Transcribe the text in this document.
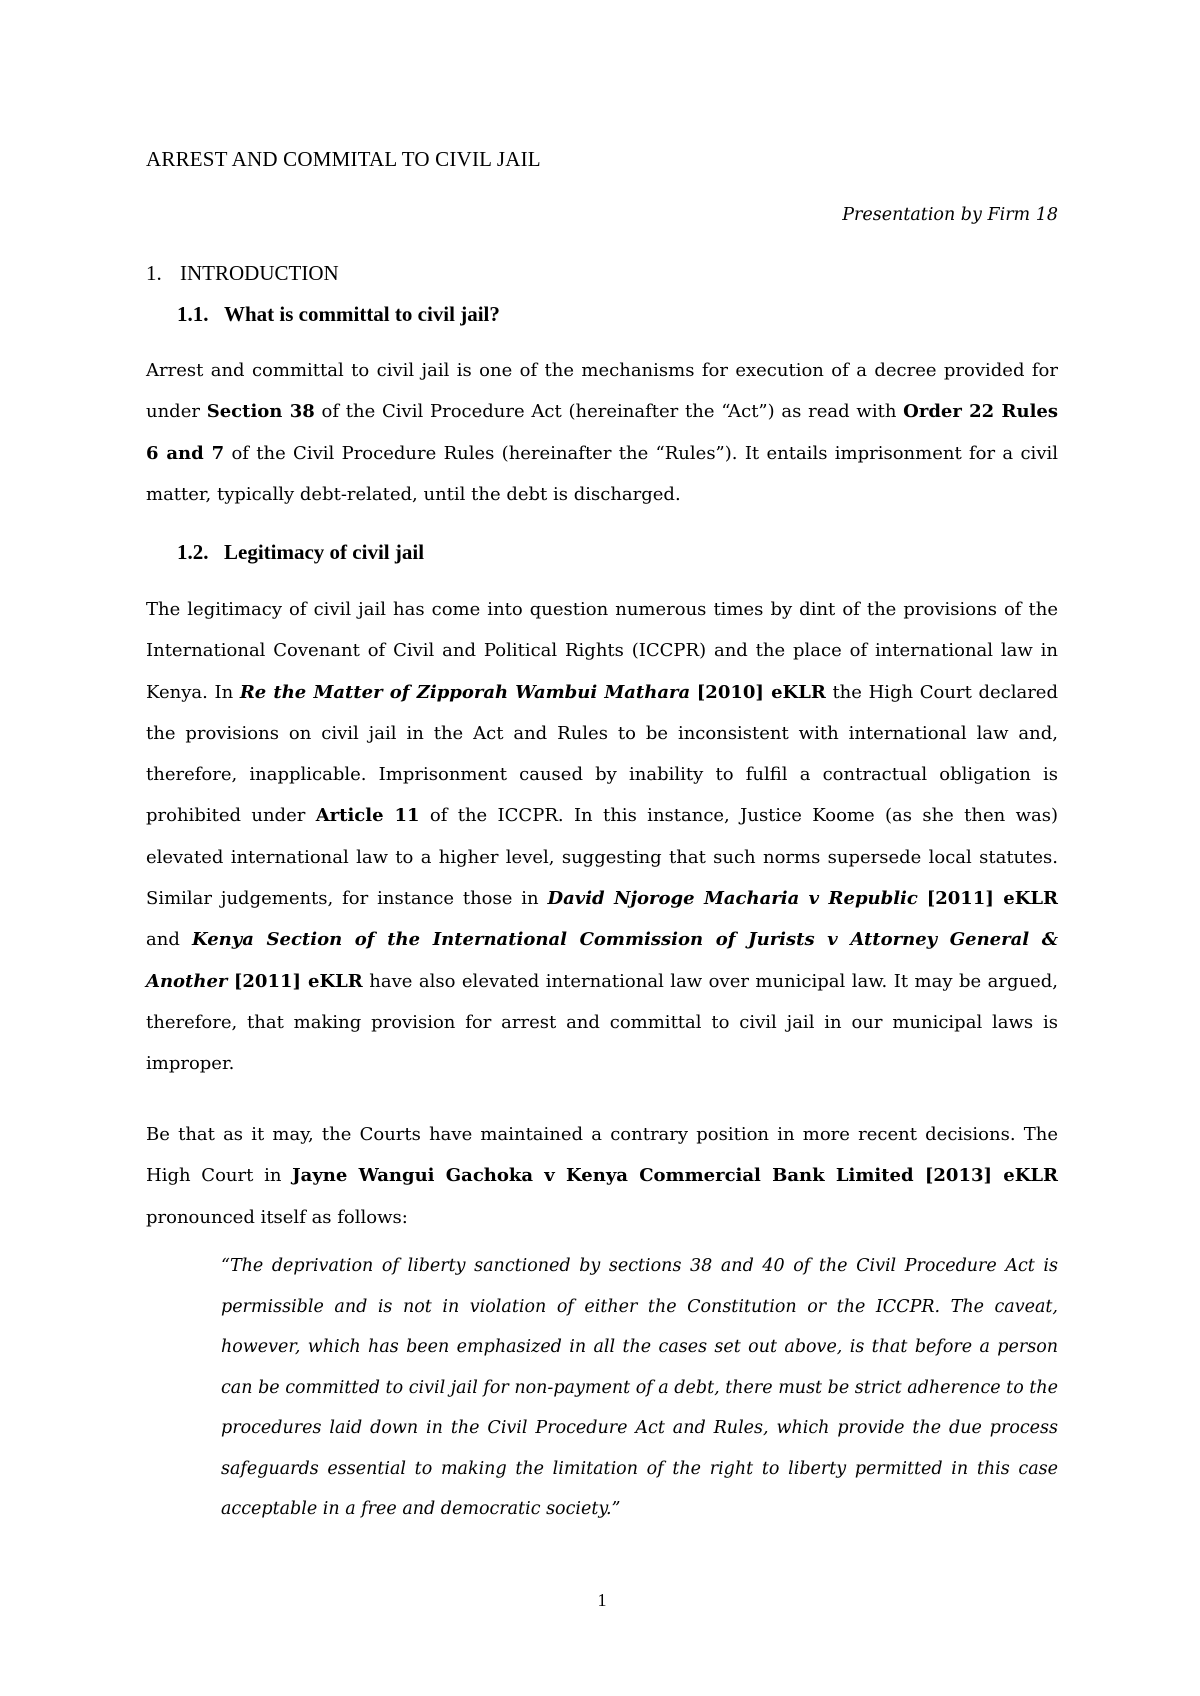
ARREST AND COMMITAL TO CIVIL JAIL
Presentation by Firm 18
1. INTRODUCTION
1.1. What is committal to civil jail?

Arrest and committal to civil jail is one of the mechanisms for execution of a decree provided for under Section 38 of the Civil Procedure Act (hereinafter the “Act”) as read with Order 22 Rules 6 and 7 of the Civil Procedure Rules (hereinafter the “Rules”). It entails imprisonment for a civil matter, typically debt-related, until the debt is discharged.

1.2. Legitimacy of civil jail

The legitimacy of civil jail has come into question numerous times by dint of the provisions of the International Covenant of Civil and Political Rights (ICCPR) and the place of international law in Kenya. In Re the Matter of Zipporah Wambui Mathara [2010] eKLR the High Court declared the provisions on civil jail in the Act and Rules to be inconsistent with international law and, therefore, inapplicable. Imprisonment caused by inability to fulfil a contractual obligation is prohibited under Article 11 of the ICCPR. In this instance, Justice Koome (as she then was) elevated international law to a higher level, suggesting that such norms supersede local statutes. Similar judgements, for instance those in David Njoroge Macharia v Republic [2011] eKLR and Kenya Section of the International Commission of Jurists v Attorney General & Another [2011] eKLR have also elevated international law over municipal law. It may be argued, therefore, that making provision for arrest and committal to civil jail in our municipal laws is improper.

Be that as it may, the Courts have maintained a contrary position in more recent decisions. The High Court in Jayne Wangui Gachoka v Kenya Commercial Bank Limited [2013] eKLR pronounced itself as follows:

“The deprivation of liberty sanctioned by sections 38 and 40 of the Civil Procedure Act is permissible and is not in violation of either the Constitution or the ICCPR. The caveat, however, which has been emphasized in all the cases set out above, is that before a person can be committed to civil jail for non-payment of a debt, there must be strict adherence to the procedures laid down in the Civil Procedure Act and Rules, which provide the due process safeguards essential to making the limitation of the right to liberty permitted in this case acceptable in a free and democratic society.”

1
